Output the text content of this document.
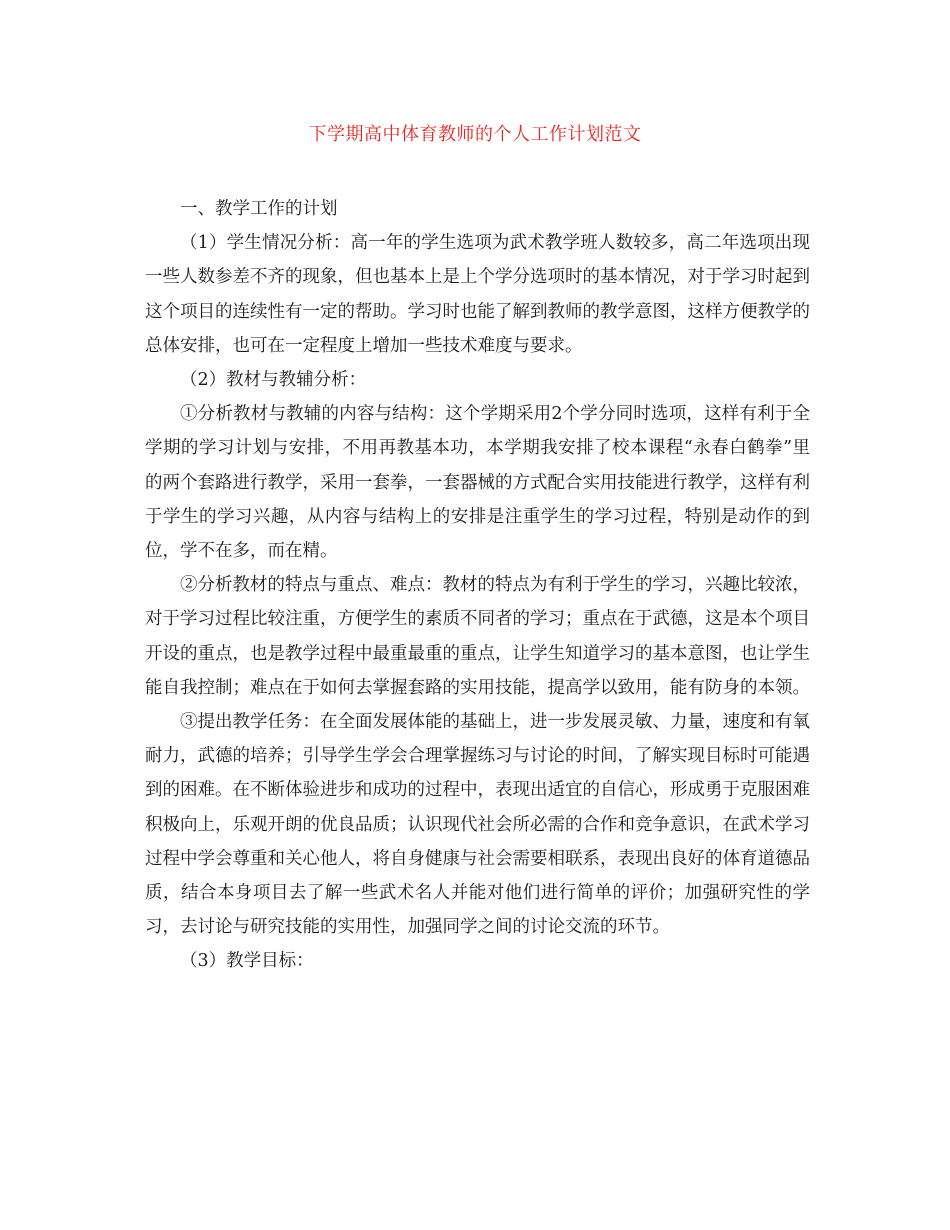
下学期高中体育教师的个人工作计划范文

一、教学工作的计划

（1）学生情况分析：高一年的学生选项为武术教学班人数较多，高二年选项出现一些人数参差不齐的现象，但也基本上是上个学分选项时的基本情况，对于学习时起到这个项目的连续性有一定的帮助。学习时也能了解到教师的教学意图，这样方便教学的总体安排，也可在一定程度上增加一些技术难度与要求。

（2）教材与教辅分析：

①分析教材与教辅的内容与结构：这个学期采用2个学分同时选项，这样有利于全学期的学习计划与安排，不用再教基本功，本学期我安排了校本课程“永春白鹤拳”里的两个套路进行教学，采用一套拳，一套器械的方式配合实用技能进行教学，这样有利于学生的学习兴趣，从内容与结构上的安排是注重学生的学习过程，特别是动作的到位，学不在多，而在精。

②分析教材的特点与重点、难点：教材的特点为有利于学生的学习，兴趣比较浓，对于学习过程比较注重，方便学生的素质不同者的学习；重点在于武德，这是本个项目开设的重点，也是教学过程中最重最重的重点，让学生知道学习的基本意图，也让学生能自我控制；难点在于如何去掌握套路的实用技能，提高学以致用，能有防身的本领。

③提出教学任务：在全面发展体能的基础上，进一步发展灵敏、力量，速度和有氧耐力，武德的培养；引导学生学会合理掌握练习与讨论的时间，了解实现目标时可能遇到的困难。在不断体验进步和成功的过程中，表现出适宜的自信心，形成勇于克服困难积极向上，乐观开朗的优良品质；认识现代社会所必需的合作和竞争意识，在武术学习过程中学会尊重和关心他人，将自身健康与社会需要相联系，表现出良好的体育道德品质，结合本身项目去了解一些武术名人并能对他们进行简单的评价；加强研究性的学习，去讨论与研究技能的实用性，加强同学之间的讨论交流的环节。

（3）教学目标：
